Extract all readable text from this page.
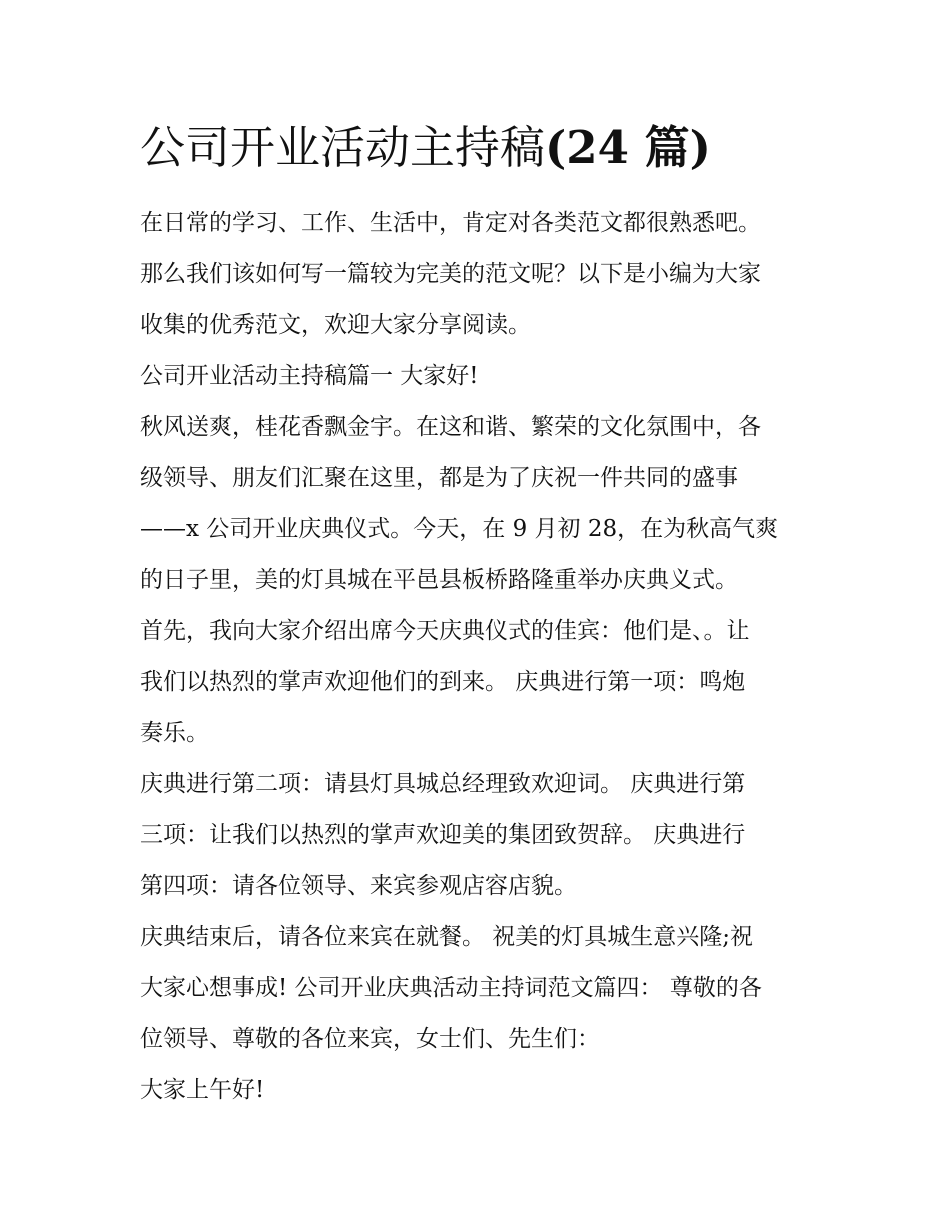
公司开业活动主持稿(24 篇)

在日常的学习、工作、生活中，肯定对各类范文都很熟悉吧。

那么我们该如何写一篇较为完美的范文呢？以下是小编为大家

收集的优秀范文，欢迎大家分享阅读。

公司开业活动主持稿篇一 大家好!

秋风送爽，桂花香飘金宇。在这和谐、繁荣的文化氛围中，各

级领导、朋友们汇聚在这里，都是为了庆祝一件共同的盛事

——x 公司开业庆典仪式。今天，在 9 月初 28，在为秋高气爽

的日子里，美的灯具城在平邑县板桥路隆重举办庆典义式。

首先，我向大家介绍出席今天庆典仪式的佳宾：他们是、。让

我们以热烈的掌声欢迎他们的到来。 庆典进行第一项：鸣炮

奏乐。

庆典进行第二项：请县灯具城总经理致欢迎词。 庆典进行第

三项：让我们以热烈的掌声欢迎美的集团致贺辞。 庆典进行

第四项：请各位领导、来宾参观店容店貌。

庆典结束后，请各位来宾在就餐。 祝美的灯具城生意兴隆;祝

大家心想事成! 公司开业庆典活动主持词范文篇四： 尊敬的各

位领导、尊敬的各位来宾，女士们、先生们：

大家上午好!
